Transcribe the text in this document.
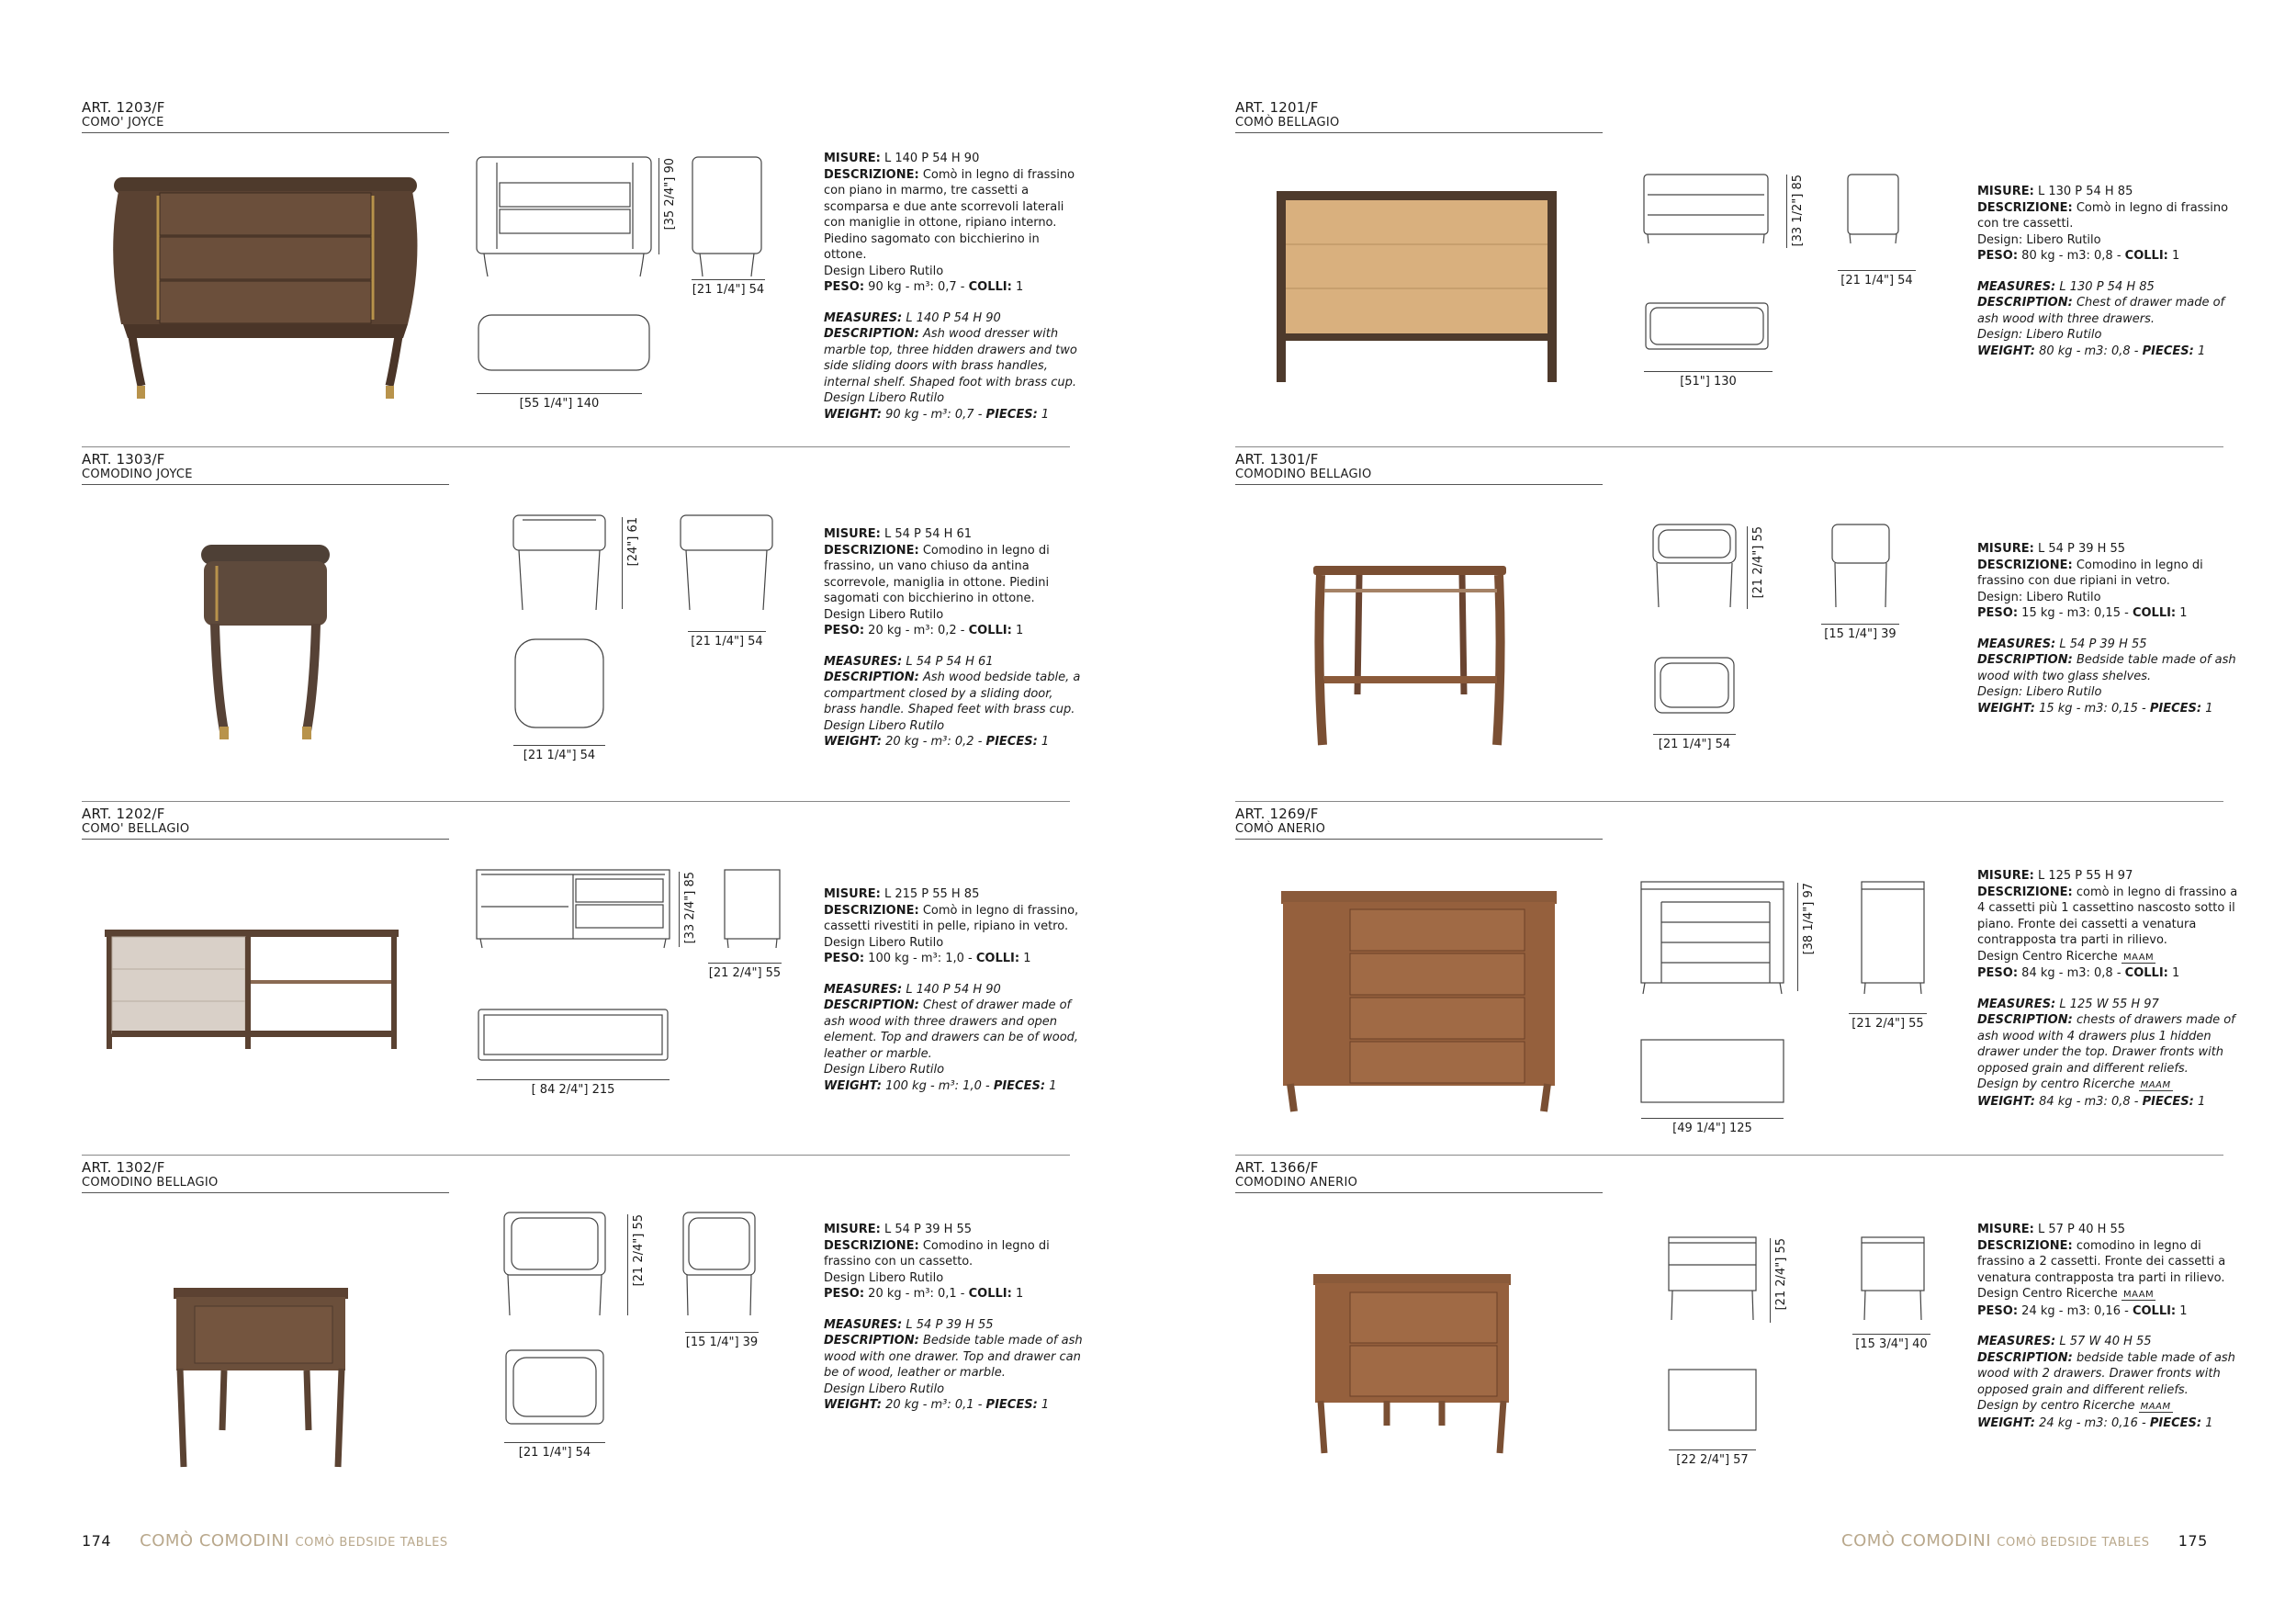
ART. 1203/F
COMO' JOYCE
[35 2/4"] 90
[21 1/4"] 54
[55 1/4"] 140

MISURE: L 140 P 54 H 90

DESCRIZIONE: Comò in legno di frassino con piano in marmo, tre cassetti a scomparsa e due ante scorrevoli laterali con maniglie in ottone, ripiano interno. Piedino sagomato con bicchierino in ottone.

Design Libero Rutilo

PESO: 90 kg - m³: 0,7 - COLLI: 1

MEASURES: L 140 P 54 H 90

DESCRIPTION: Ash wood dresser with marble top, three hidden drawers and two side sliding doors with brass handles, internal shelf. Shaped foot with brass cup.

Design Libero Rutilo

WEIGHT: 90 kg - m³: 0,7 - PIECES: 1

ART. 1303/F
COMODINO JOYCE
[24"] 61
[21 1/4"] 54
[21 1/4"] 54

MISURE: L 54 P 54 H 61

DESCRIZIONE: Comodino in legno di frassino, un vano chiuso da antina scorrevole, maniglia in ottone. Piedini sagomati con bicchierino in ottone.

Design Libero Rutilo

PESO: 20 kg - m³: 0,2 - COLLI: 1

MEASURES: L 54 P 54 H 61

DESCRIPTION: Ash wood bedside table, a compartment closed by a sliding door, brass handle. Shaped feet with brass cup.

Design Libero Rutilo

WEIGHT: 20 kg - m³: 0,2 - PIECES: 1

ART. 1202/F
COMO' BELLAGIO
[33 2/4"] 85
[21 2/4"] 55
[ 84 2/4"] 215

MISURE: L 215 P 55 H 85

DESCRIZIONE: Comò in legno di frassino, cassetti rivestiti in pelle, ripiano in vetro.

Design Libero Rutilo

PESO: 100 kg - m³: 1,0 - COLLI: 1

MEASURES: L 140 P 54 H 90

DESCRIPTION: Chest of drawer made of ash wood with three drawers and open element. Top and drawers can be of wood, leather or marble.

Design Libero Rutilo

WEIGHT: 100 kg - m³: 1,0 - PIECES: 1

ART. 1302/F
COMODINO BELLAGIO
[21 2/4"] 55
[15 1/4"] 39
[21 1/4"] 54

MISURE: L 54 P 39 H 55

DESCRIZIONE: Comodino in legno di frassino con un cassetto.

Design Libero Rutilo

PESO: 20 kg - m³: 0,1 - COLLI: 1

MEASURES: L 54 P 39 H 55

DESCRIPTION: Bedside table made of ash wood with one drawer. Top and drawer can be of wood, leather or marble.

Design Libero Rutilo

WEIGHT: 20 kg - m³: 0,1 - PIECES: 1

ART. 1201/F
COMÒ BELLAGIO
[33 1/2"] 85
[21 1/4"] 54
[51"] 130

MISURE: L 130 P 54 H 85

DESCRIZIONE: Comò in legno di frassino con tre cassetti.

Design: Libero Rutilo

PESO: 80 kg - m3: 0,8 - COLLI: 1

MEASURES: L 130 P 54 H 85

DESCRIPTION: Chest of drawer made of ash wood with three drawers.

Design: Libero Rutilo

WEIGHT: 80 kg - m3: 0,8 - PIECES: 1

ART. 1301/F
COMODINO BELLAGIO
[21 2/4"] 55
[15 1/4"] 39
[21 1/4"] 54

MISURE: L 54 P 39 H 55

DESCRIZIONE: Comodino in legno di frassino con due ripiani in vetro.

Design: Libero Rutilo

PESO: 15 kg - m3: 0,15 - COLLI: 1

MEASURES: L 54 P 39 H 55

DESCRIPTION: Bedside table made of ash wood with two glass shelves.

Design: Libero Rutilo

WEIGHT: 15 kg - m3: 0,15 - PIECES: 1

ART. 1269/F
COMÒ ANERIO
[38 1/4"] 97
[21 2/4"] 55
[49 1/4"] 125

MISURE: L 125 P 55 H 97

DESCRIZIONE: comò in legno di frassino a 4 cassetti più 1 cassettino nascosto sotto il piano. Fronte dei cassetti a venatura contrapposta tra parti in rilievo.

Design Centro Ricerche MAAM

PESO: 84 kg - m3: 0,8 - COLLI: 1

MEASURES: L 125 W 55 H 97

DESCRIPTION: chests of drawers made of ash wood with 4 drawers plus 1 hidden drawer under the top. Drawer fronts with opposed grain and different reliefs.

Design by centro Ricerche MAAM

WEIGHT: 84 kg - m3: 0,8 - PIECES: 1

ART. 1366/F
COMODINO ANERIO
[21 2/4"] 55
[15 3/4"] 40
[22 2/4"] 57

MISURE: L 57 P 40 H 55

DESCRIZIONE: comodino in legno di frassino a 2 cassetti. Fronte dei cassetti a venatura contrapposta tra parti in rilievo.

Design Centro Ricerche MAAM

PESO: 24 kg - m3: 0,16 - COLLI: 1

MEASURES: L 57 W 40 H 55

DESCRIPTION: bedside table made of ash wood with 2 drawers. Drawer fronts with opposed grain and different reliefs.

Design by centro Ricerche MAAM

WEIGHT: 24 kg - m3: 0,16 - PIECES: 1

174 COMÒ COMODINI COMÒ BEDSIDE TABLES	COMÒ COMODINI COMÒ BEDSIDE TABLES 175
